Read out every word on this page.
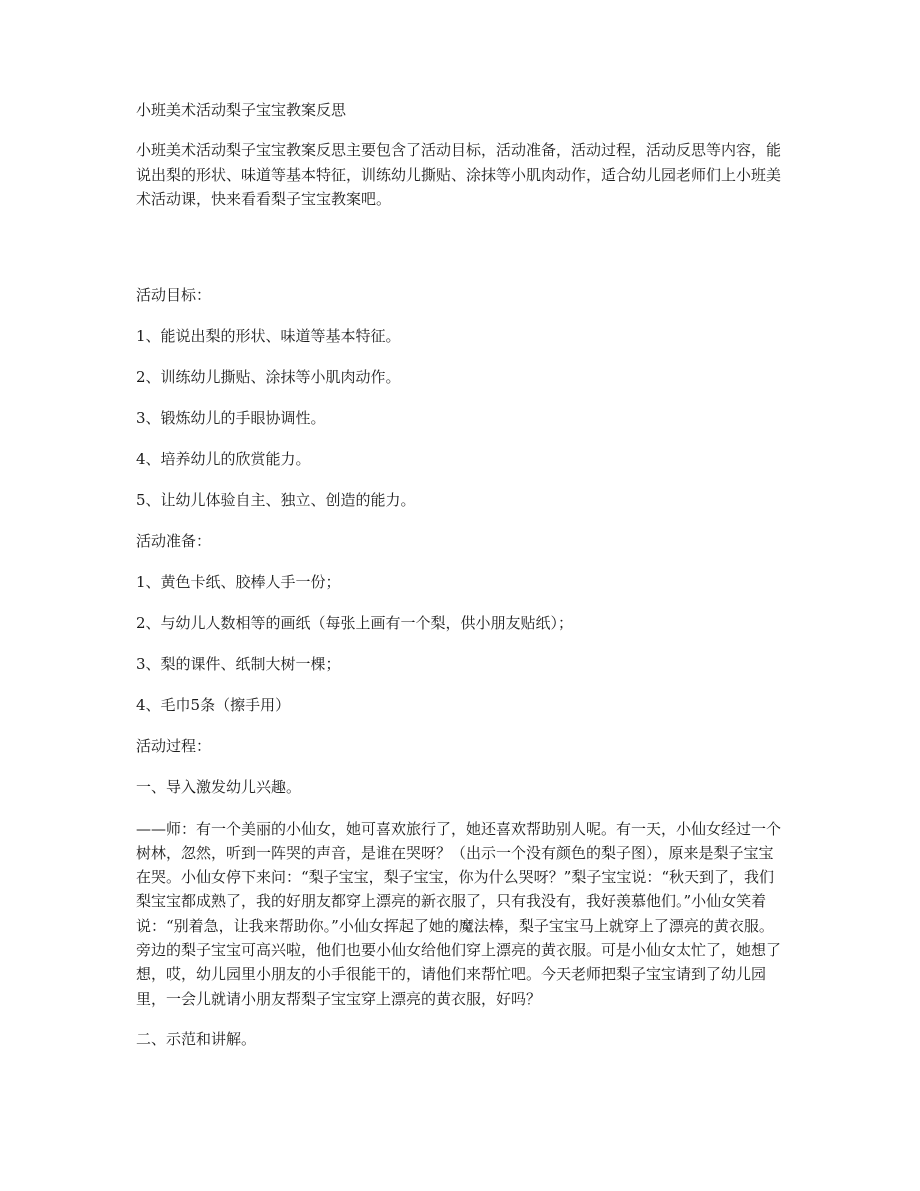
小班美术活动梨子宝宝教案反思
小班美术活动梨子宝宝教案反思主要包含了活动目标，活动准备，活动过程，活动反思等内容，能说出梨的形状、味道等基本特征，训练幼儿撕贴、涂抹等小肌肉动作，适合幼儿园老师们上小班美术活动课，快来看看梨子宝宝教案吧。
活动目标：
1、能说出梨的形状、味道等基本特征。
2、训练幼儿撕贴、涂抹等小肌肉动作。
3、锻炼幼儿的手眼协调性。
4、培养幼儿的欣赏能力。
5、让幼儿体验自主、独立、创造的能力。
活动准备：
1、黄色卡纸、胶棒人手一份；
2、与幼儿人数相等的画纸（每张上画有一个梨，供小朋友贴纸）；
3、梨的课件、纸制大树一棵；
4、毛巾5条（擦手用）
活动过程：
一、导入激发幼儿兴趣。
——师：有一个美丽的小仙女，她可喜欢旅行了，她还喜欢帮助别人呢。有一天，小仙女经过一个树林，忽然，听到一阵哭的声音，是谁在哭呀？（出示一个没有颜色的梨子图），原来是梨子宝宝在哭。小仙女停下来问：“梨子宝宝，梨子宝宝，你为什么哭呀？”梨子宝宝说：“秋天到了，我们梨宝宝都成熟了，我的好朋友都穿上漂亮的新衣服了，只有我没有，我好羡慕他们。”小仙女笑着说：“别着急，让我来帮助你。”小仙女挥起了她的魔法棒，梨子宝宝马上就穿上了漂亮的黄衣服。旁边的梨子宝宝可高兴啦，他们也要小仙女给他们穿上漂亮的黄衣服。可是小仙女太忙了，她想了想，哎，幼儿园里小朋友的小手很能干的，请他们来帮忙吧。今天老师把梨子宝宝请到了幼儿园里，一会儿就请小朋友帮梨子宝宝穿上漂亮的黄衣服，好吗？
二、示范和讲解。
